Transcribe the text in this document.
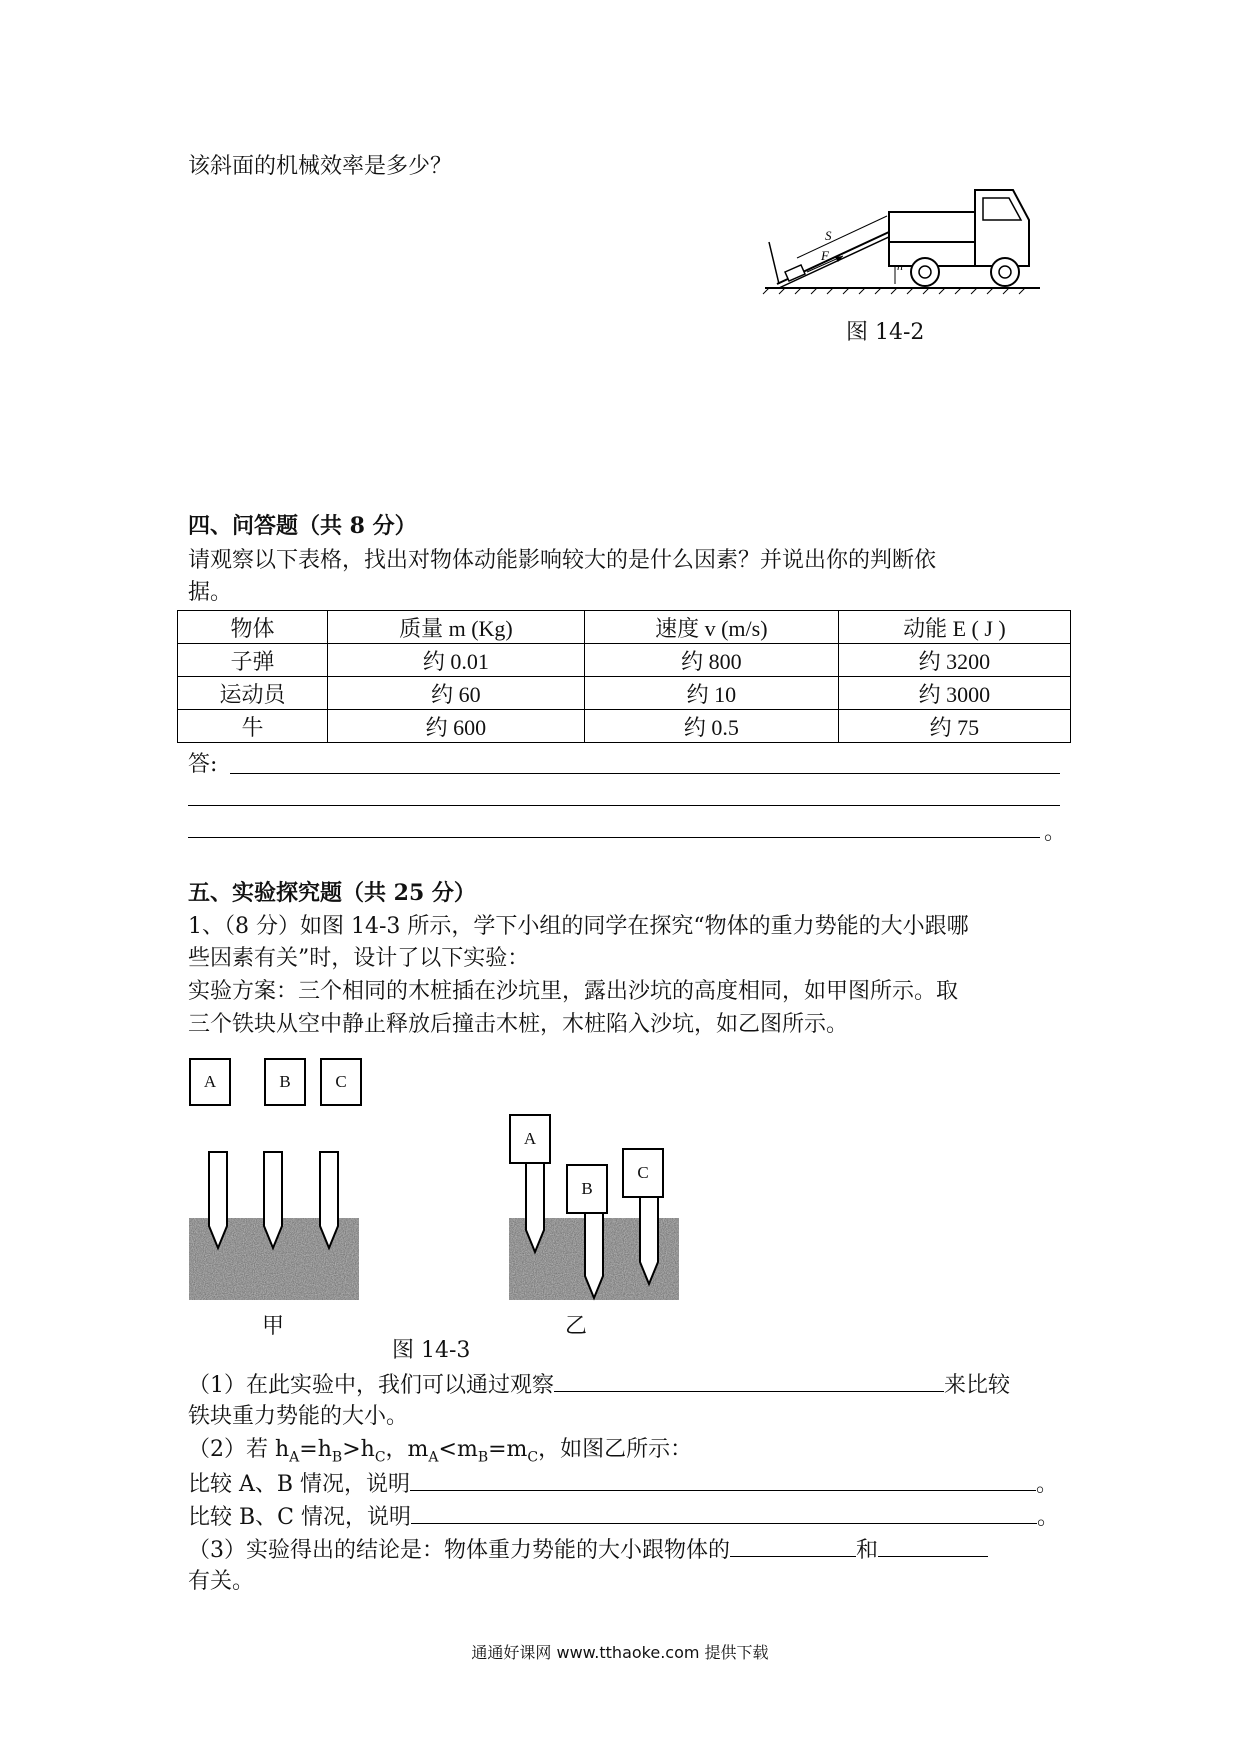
该斜面的机械效率是多少？
S
F
图 14-2
四、问答题（共 8 分）
请观察以下表格，找出对物体动能影响较大的是什么因素？并说出你的判断依
据。
物体	质量 m (Kg)	速度 v (m/s)	动能 E ( J )
子弹	约 0.01	约 800	约 3200
运动员	约 60	约 10	约 3000
牛	约 600	约 0.5	约 75
答:
。
五、实验探究题（共 25 分）
1、（8 分）如图 14-3 所示，学下小组的同学在探究“物体的重力势能的大小跟哪
些因素有关”时，设计了以下实验：
实验方案：三个相同的木桩插在沙坑里，露出沙坑的高度相同，如甲图所示。取
三个铁块从空中静止释放后撞击木桩，木桩陷入沙坑，如乙图所示。
A	B	C
A
B
C
甲	乙
图 14-3
（1）在此实验中，我们可以通过观察	来比较
铁块重力势能的大小。
（2）若 $h_A=h_B>h_C$，$m_A<m_B=m_C$，如图乙所示：
比较 A、B 情况，说明	。
比较 B、C 情况，说明	。
（3）实验得出的结论是：物体重力势能的大小跟物体的	和
有关。
通通好课网 www.tthaoke.com 提供下载
